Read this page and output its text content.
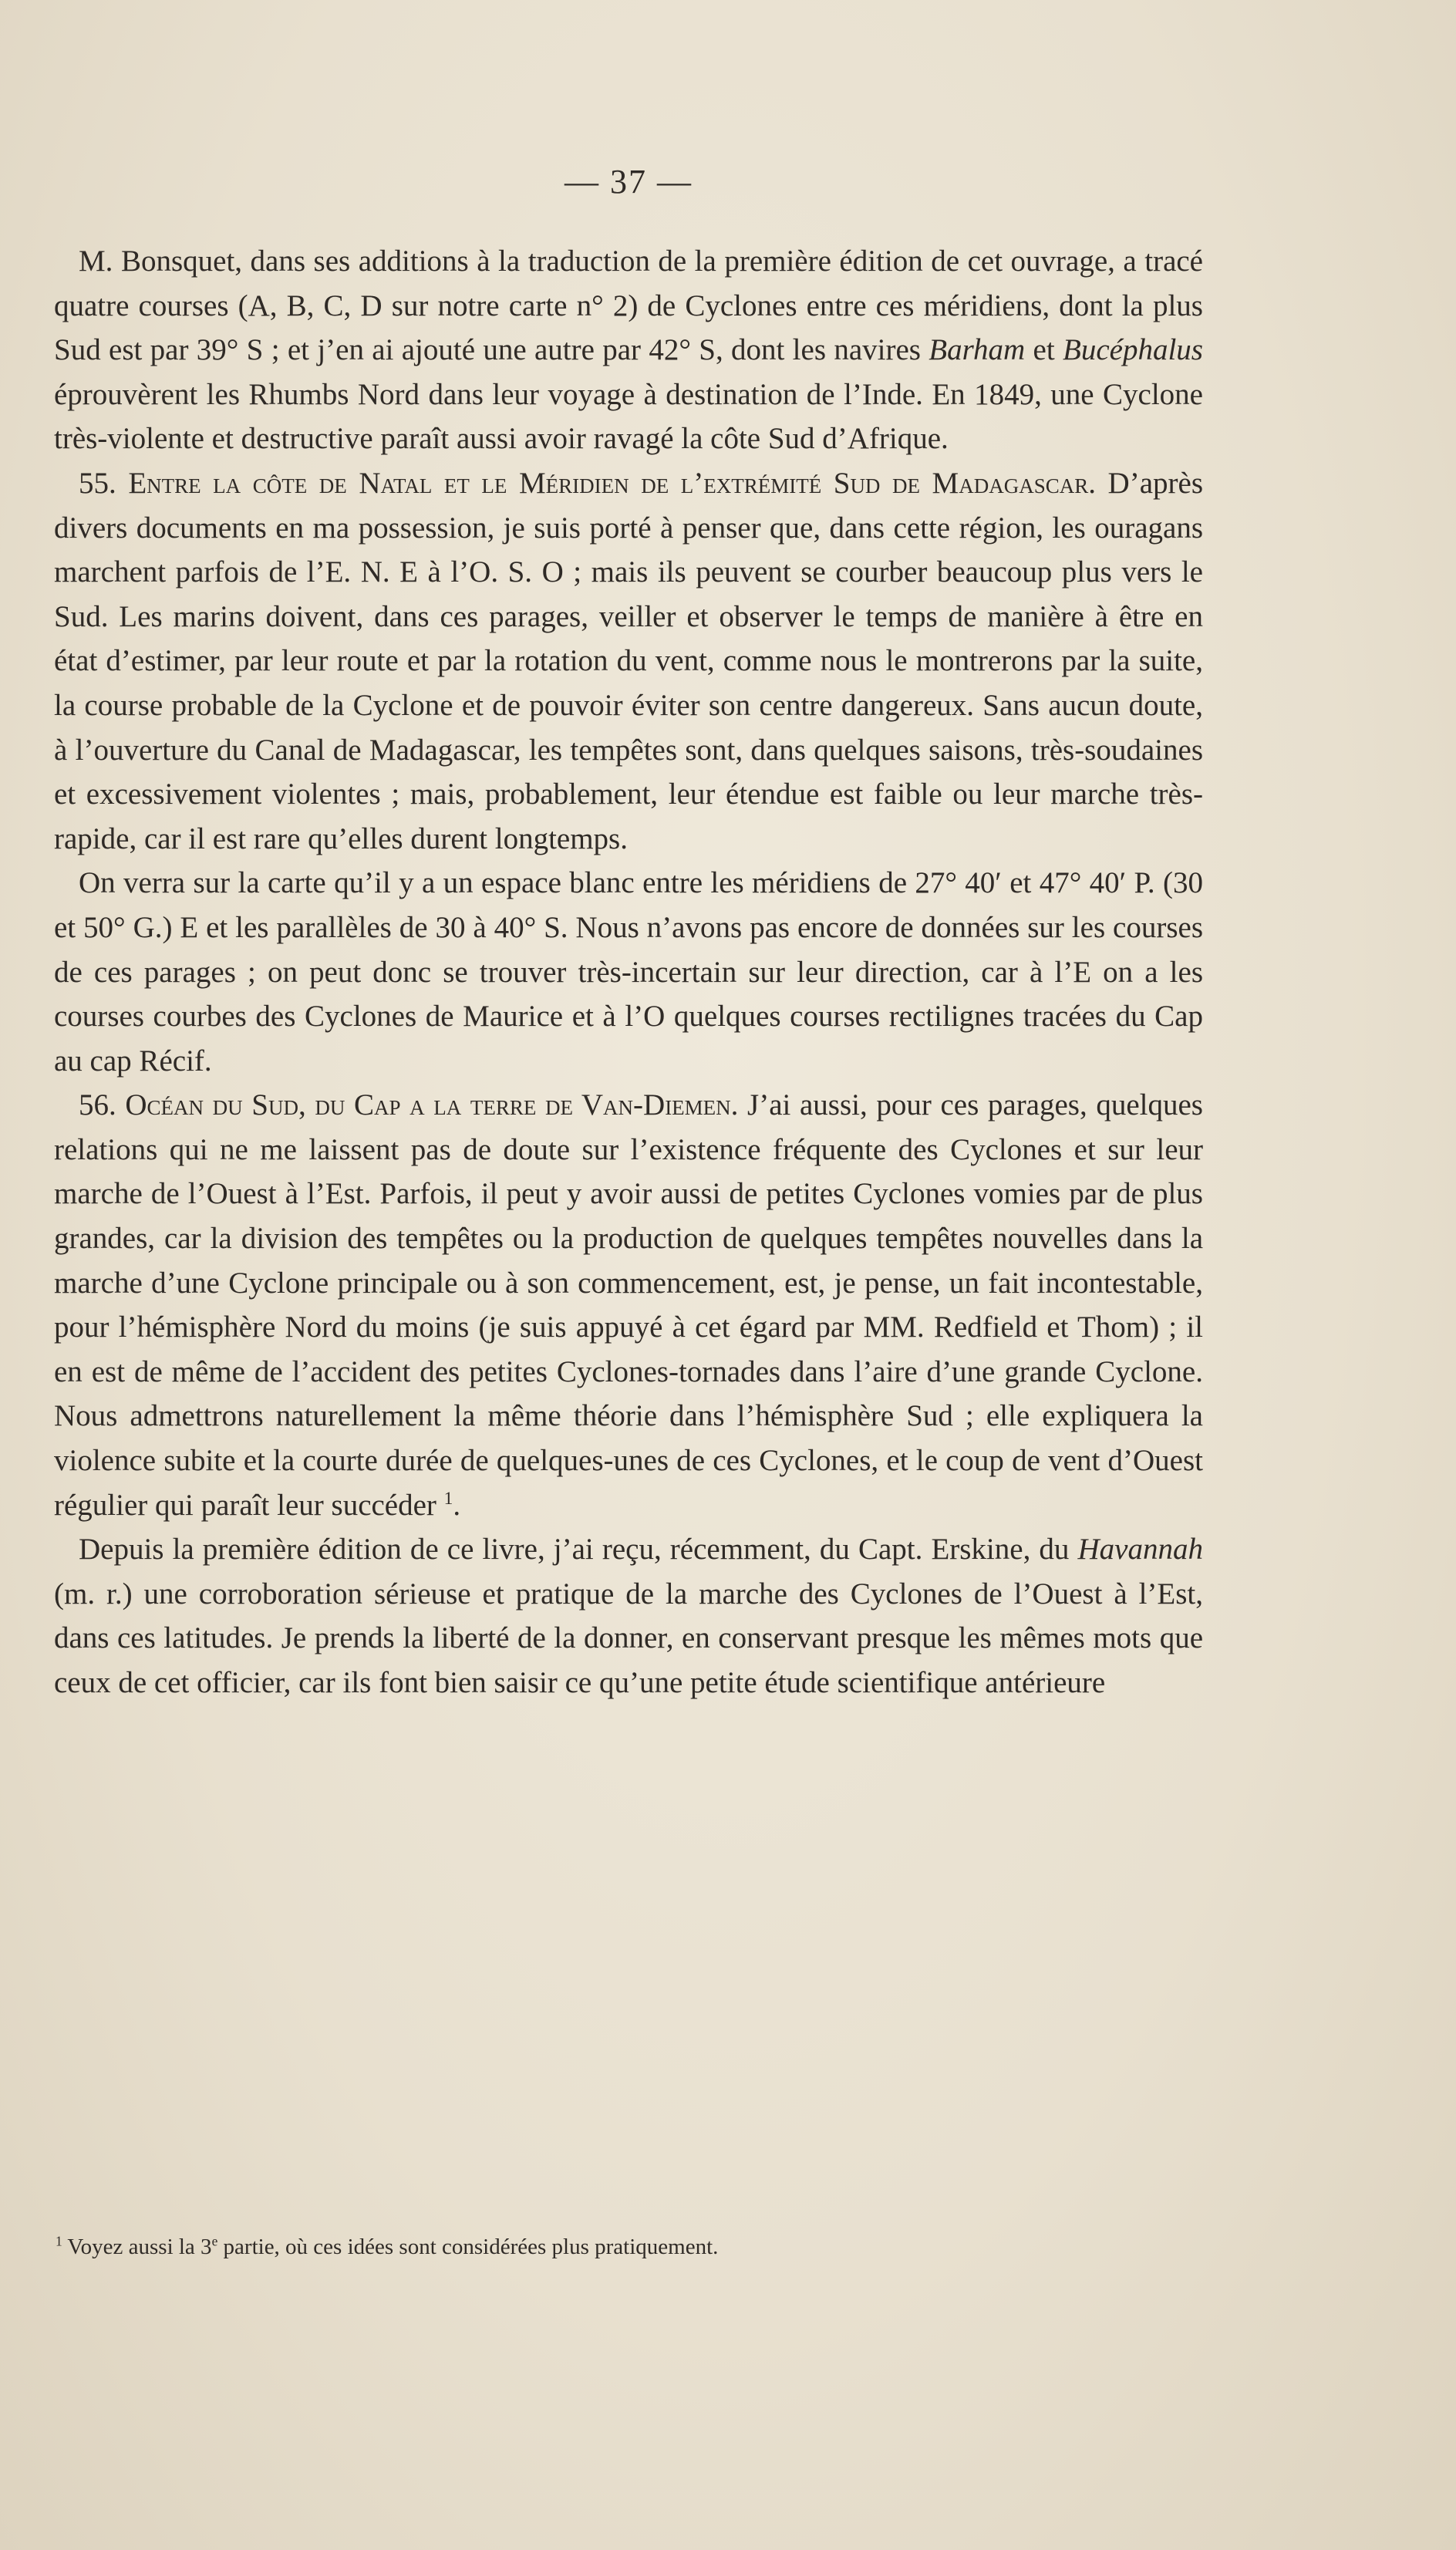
— 37 —

M. Bonsquet, dans ses additions à la traduction de la première édition de cet ouvrage, a tracé quatre courses (A, B, C, D sur notre carte n° 2) de Cyclones entre ces méridiens, dont la plus Sud est par 39° S ; et j’en ai ajouté une autre par 42° S, dont les navires Barham et Bucéphalus éprouvèrent les Rhumbs Nord dans leur voyage à destination de l’Inde. En 1849, une Cyclone très-violente et destructive paraît aussi avoir ravagé la côte Sud d’Afrique.

55. Entre la côte de Natal et le Méridien de l’extrémité Sud de Madagascar. D’après divers documents en ma possession, je suis porté à penser que, dans cette région, les ouragans marchent parfois de l’E. N. E à l’O. S. O ; mais ils peuvent se courber beaucoup plus vers le Sud. Les marins doivent, dans ces parages, veiller et observer le temps de manière à être en état d’estimer, par leur route et par la rotation du vent, comme nous le montrerons par la suite, la course probable de la Cyclone et de pouvoir éviter son centre dangereux. Sans aucun doute, à l’ouverture du Canal de Madagascar, les tempêtes sont, dans quelques saisons, très-soudaines et excessivement violentes ; mais, probablement, leur étendue est faible ou leur marche très-rapide, car il est rare qu’elles durent longtemps.

On verra sur la carte qu’il y a un espace blanc entre les méridiens de 27° 40′ et 47° 40′ P. (30 et 50° G.) E et les parallèles de 30 à 40° S. Nous n’avons pas encore de données sur les courses de ces parages ; on peut donc se trouver très-incertain sur leur direction, car à l’E on a les courses courbes des Cyclones de Maurice et à l’O quelques courses rectilignes tracées du Cap au cap Récif.

56. Océan du Sud, du Cap a la terre de Van-Diemen. J’ai aussi, pour ces parages, quelques relations qui ne me laissent pas de doute sur l’existence fréquente des Cyclones et sur leur marche de l’Ouest à l’Est. Parfois, il peut y avoir aussi de petites Cyclones vomies par de plus grandes, car la division des tempêtes ou la production de quelques tempêtes nouvelles dans la marche d’une Cyclone principale ou à son commencement, est, je pense, un fait incontestable, pour l’hémisphère Nord du moins (je suis appuyé à cet égard par MM. Redfield et Thom) ; il en est de même de l’accident des petites Cyclones-tornades dans l’aire d’une grande Cyclone. Nous admettrons naturellement la même théorie dans l’hémisphère Sud ; elle expliquera la violence subite et la courte durée de quelques-unes de ces Cyclones, et le coup de vent d’Ouest régulier qui paraît leur succéder $^1$.

Depuis la première édition de ce livre, j’ai reçu, récemment, du Capt. Erskine, du Havannah (m. r.) une corroboration sérieuse et pratique de la marche des Cyclones de l’Ouest à l’Est, dans ces latitudes. Je prends la liberté de la donner, en conservant presque les mêmes mots que ceux de cet officier, car ils font bien saisir ce qu’une petite étude scientifique antérieure

$^1$ Voyez aussi la 3e partie, où ces idées sont considérées plus pratiquement.
